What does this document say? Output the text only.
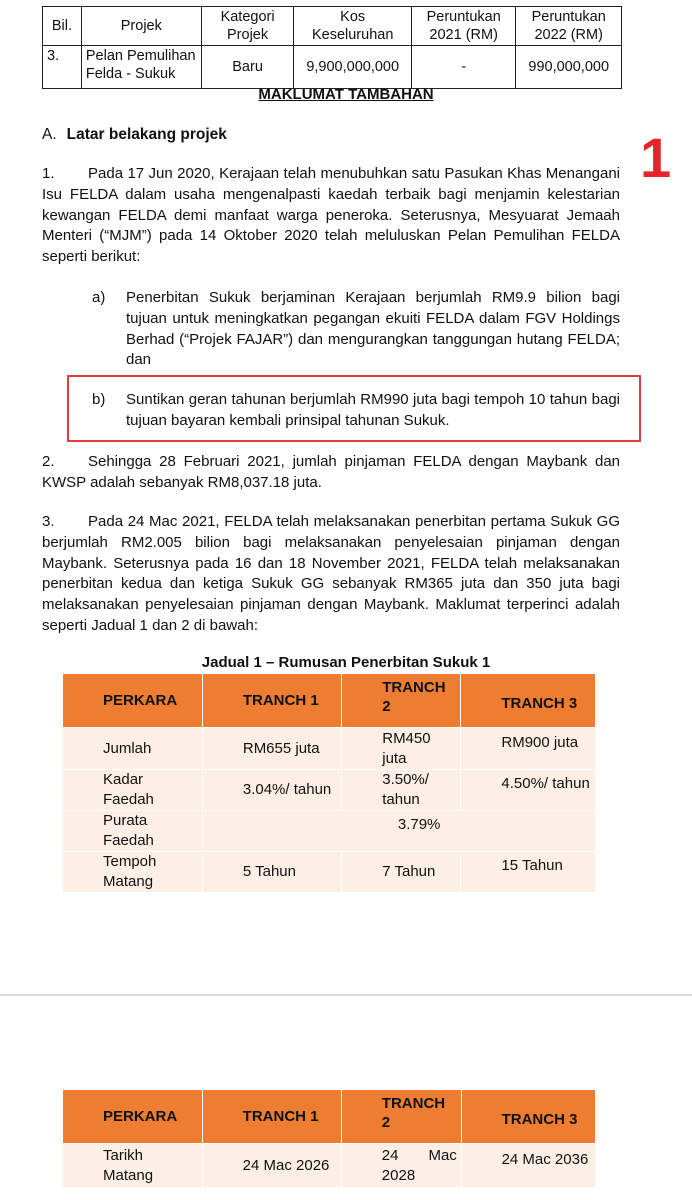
Bil.	Projek	Kategori Projek	Kos Keseluruhan	Peruntukan 2021 (RM)	Peruntukan 2022 (RM)
3.	Pelan Pemulihan Felda - Sukuk	Baru	9,900,000,000	-	990,000,000
MAKLUMAT TAMBAHAN
A. Latar belakang projek	1
1. Pada 17 Jun 2020, Kerajaan telah menubuhkan satu Pasukan Khas Menangani Isu FELDA dalam usaha mengenalpasti kaedah terbaik bagi menjamin kelestarian kewangan FELDA demi manfaat warga peneroka. Seterusnya, Mesyuarat Jemaah Menteri (“MJM”) pada 14 Oktober 2020 telah meluluskan Pelan Pemulihan FELDA seperti berikut:
a) Penerbitan Sukuk berjaminan Kerajaan berjumlah RM9.9 bilion bagi tujuan untuk meningkatkan pegangan ekuiti FELDA dalam FGV Holdings Berhad (“Projek FAJAR”) dan mengurangkan tanggungan hutang FELDA; dan
b) Suntikan geran tahunan berjumlah RM990 juta bagi tempoh 10 tahun bagi tujuan bayaran kembali prinsipal tahunan Sukuk.
2. Sehingga 28 Februari 2021, jumlah pinjaman FELDA dengan Maybank dan KWSP adalah sebanyak RM8,037.18 juta.
3. Pada 24 Mac 2021, FELDA telah melaksanakan penerbitan pertama Sukuk GG berjumlah RM2.005 bilion bagi melaksanakan penyelesaian pinjaman dengan Maybank. Seterusnya pada 16 dan 18 November 2021, FELDA telah melaksanakan penerbitan kedua dan ketiga Sukuk GG sebanyak RM365 juta dan 350 juta bagi melaksanakan penyelesaian pinjaman dengan Maybank. Maklumat terperinci adalah seperti Jadual 1 dan 2 di bawah:
Jadual 1 – Rumusan Penerbitan Sukuk 1
PERKARA	TRANCH 1	TRANCH 2	TRANCH 3

Jumlah	RM655 juta	RM450 juta	RM900 juta

Kadar Faedah	3.04%/ tahun	3.50%/ tahun	4.50%/ tahun

Purata Faedah	3.79%		

Tempoh Matang	5 Tahun	7 Tahun	15 Tahun
PERKARA	TRANCH 1	TRANCH 2	TRANCH 3

Tarikh Matang	24 Mac 2026	24 Mac 2028	24 Mac 2036
